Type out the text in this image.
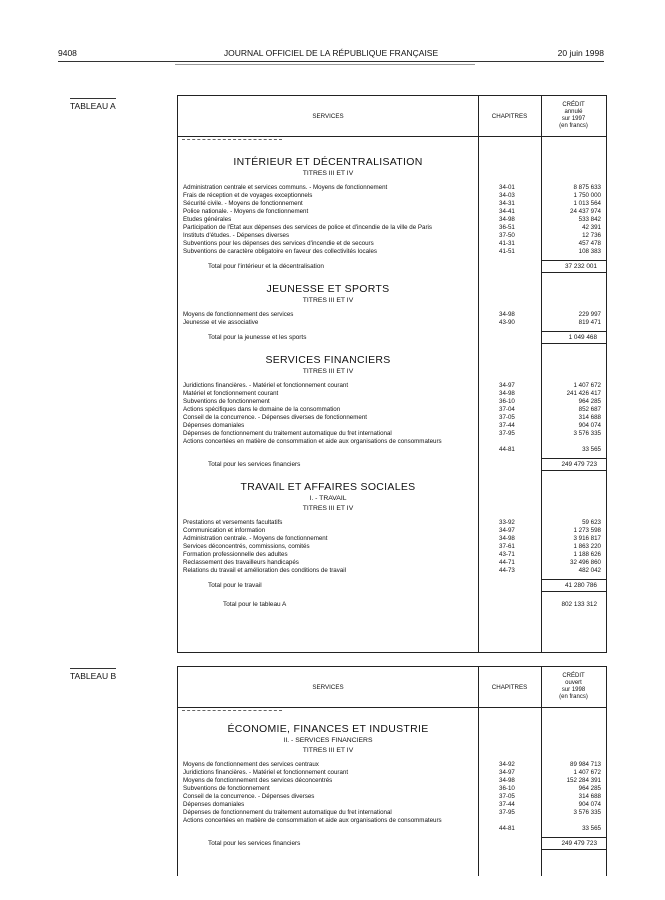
9408	JOURNAL OFFICIEL DE LA RÉPUBLIQUE FRANÇAISE	20 juin 1998
TABLEAU A
SERVICES	CHAPITRES
CRÉDIT
annulé
sur 1997
(en francs)
INTÉRIEUR ET DÉCENTRALISATION
TITRES III ET IV
Administration centrale et services communs. - Moyens de fonctionnement	34-01	8 875 633
Frais de réception et de voyages exceptionnels	34-03	1 750 000
Sécurité civile. - Moyens de fonctionnement	34-31	1 013 564
Police nationale. - Moyens de fonctionnement	34-41	24 437 974
Études générales	34-98	533 842
Participation de l'État aux dépenses des services de police et d'incendie de la ville de Paris	36-51	42 391
Instituts d'études. - Dépenses diverses	37-50	12 736
Subventions pour les dépenses des services d'incendie et de secours	41-31	457 478
Subventions de caractère obligatoire en faveur des collectivités locales	41-51	108 383
Total pour l'intérieur et la décentralisation	37 232 001
JEUNESSE ET SPORTS
TITRES III ET IV
Moyens de fonctionnement des services	34-98	229 997
Jeunesse et vie associative	43-90	819 471
Total pour la jeunesse et les sports	1 049 468
SERVICES FINANCIERS
TITRES III ET IV
Juridictions financières. - Matériel et fonctionnement courant	34-97	1 407 672
Matériel et fonctionnement courant	34-98	241 426 417
Subventions de fonctionnement	36-10	964 285
Actions spécifiques dans le domaine de la consommation	37-04	852 687
Conseil de la concurrence. - Dépenses diverses de fonctionnement	37-05	314 688
Dépenses domaniales	37-44	904 074
Dépenses de fonctionnement du traitement automatique du fret international	37-95	3 576 335
Actions concertées en matière de consommation et aide aux organisations de consommateurs
44-81	33 565
Total pour les services financiers	249 479 723
TRAVAIL ET AFFAIRES SOCIALES
I. - TRAVAIL
TITRES III ET IV
Prestations et versements facultatifs	33-92	59 623
Communication et information	34-97	1 273 598
Administration centrale. - Moyens de fonctionnement	34-98	3 916 817
Services déconcentrés, commissions, comités	37-61	1 863 220
Formation professionnelle des adultes	43-71	1 188 626
Reclassement des travailleurs handicapés	44-71	32 496 860
Relations du travail et amélioration des conditions de travail	44-73	482 042
Total pour le travail	41 280 786
Total pour le tableau A	802 133 312
TABLEAU B
SERVICES	CHAPITRES
CRÉDIT
ouvert
sur 1998
(en francs)
ÉCONOMIE, FINANCES ET INDUSTRIE
II. - SERVICES FINANCIERS
TITRES III ET IV
Moyens de fonctionnement des services centraux	34-92	89 984 713
Juridictions financières. - Matériel et fonctionnement courant	34-97	1 407 672
Moyens de fonctionnement des services déconcentrés	34-98	152 284 391
Subventions de fonctionnement	36-10	964 285
Conseil de la concurrence. - Dépenses diverses	37-05	314 688
Dépenses domaniales	37-44	904 074
Dépenses de fonctionnement du traitement automatique du fret international	37-95	3 576 335
Actions concertées en matière de consommation et aide aux organisations de consommateurs
44-81	33 565
Total pour les services financiers	249 479 723
